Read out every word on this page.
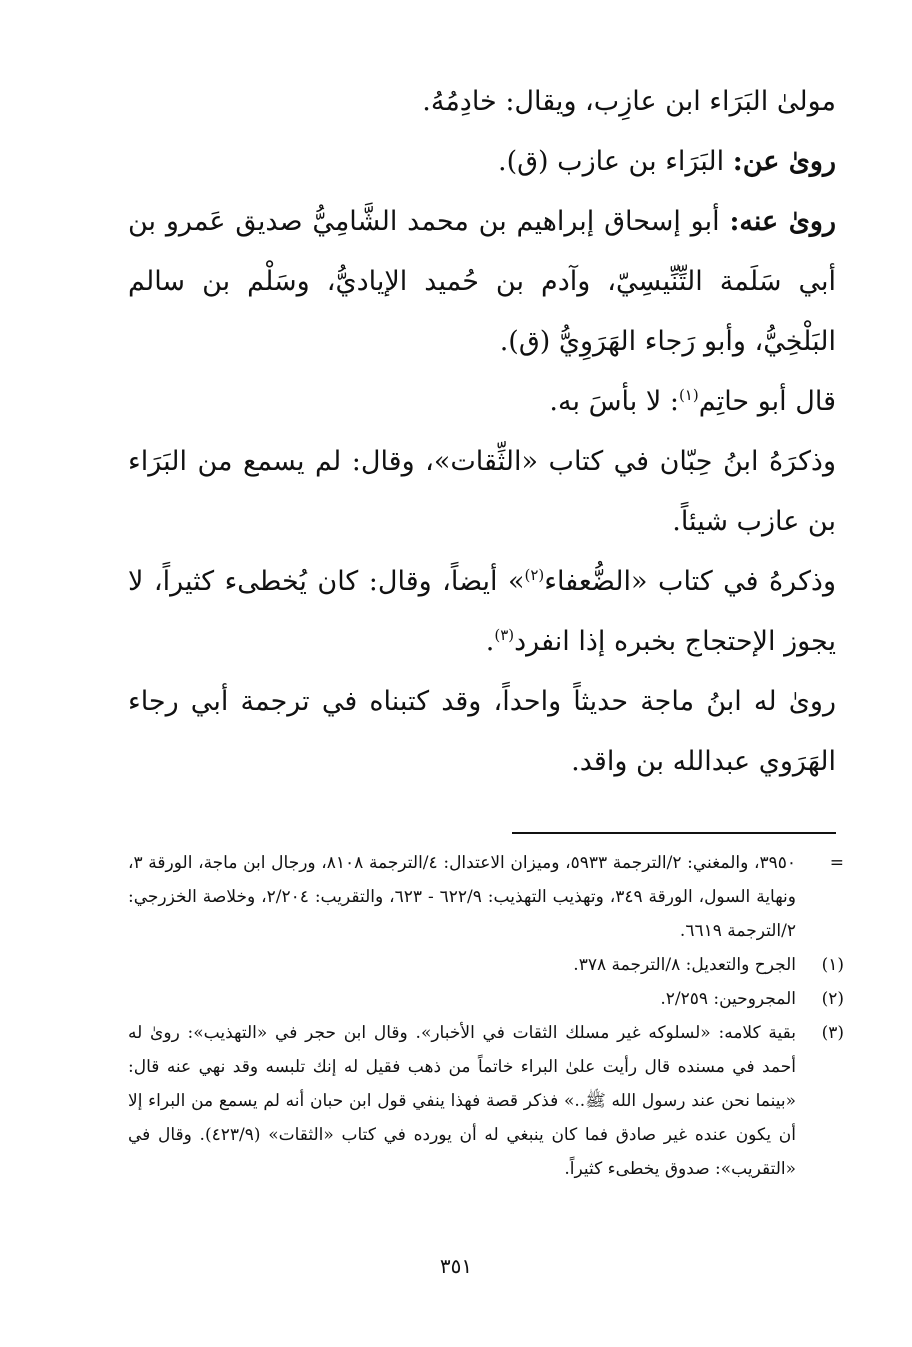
مولىٰ البَرَاء ابن عازِب، ويقال: خادِمُهُ.

رویٰ عن: البَرَاء بن عازب (ق).

رویٰ عنه: أبو إسحاق إبراهيم بن محمد الشَّامِيُّ صديق عَمرو بن أبي سَلَمة التِّنِّيسِيّ، وآدم بن حُميد الإياديُّ، وسَلْم بن سالم البَلْخِيُّ، وأبو رَجاء الهَرَوِيُّ (ق).

قال أبو حاتِم$^{(١)}$: لا بأسَ به.

وذكرَهُ ابنُ حِبّان في كتاب «الثِّقات»، وقال: لم يسمع من البَرَاء بن عازب شيئاً.

وذكرهُ في كتاب «الضُّعفاء$^{(٢)}$» أيضاً، وقال: كان يُخطىء كثيراً، لا يجوز الإحتجاج بخبره إذا انفرد$^{(٣)}$.

رویٰ له ابنُ ماجة حديثاً واحداً، وقد كتبناه في ترجمة أبي رجاء الهَرَوي عبدالله بن واقد.

=
٣٩٥٠، والمغني: ٢/الترجمة ٥٩٣٣، وميزان الاعتدال: ٤/الترجمة ٨١٠٨، ورجال ابن ماجة، الورقة ٣، ونهاية السول، الورقة ٣٤٩، وتهذيب التهذيب: ٦٢٢/٩ - ٦٢٣، والتقريب: ٢/٢٠٤، وخلاصة الخزرجي: ٢/الترجمة ٦٦١٩.
(١)
الجرح والتعديل: ٨/الترجمة ٣٧٨.
(٢)
المجروحين: ٢/٢٥٩.
(٣)
بقية كلامه: «لسلوكه غير مسلك الثقات في الأخبار». وقال ابن حجر في «التهذيب»: رویٰ له أحمد في مسنده قال رأيت علىٰ البراء خاتماً من ذهب فقيل له إنك تلبسه وقد نهي عنه قال: «بينما نحن عند رسول الله ﷺ..» فذكر قصة فهذا ينفي قول ابن حبان أنه لم يسمع من البراء إلا أن يكون عنده غير صادق فما كان ينبغي له أن يورده في كتاب «الثقات» (٤٢٣/٩). وقال في «التقريب»: صدوق يخطىء كثيراً.
٣٥١
